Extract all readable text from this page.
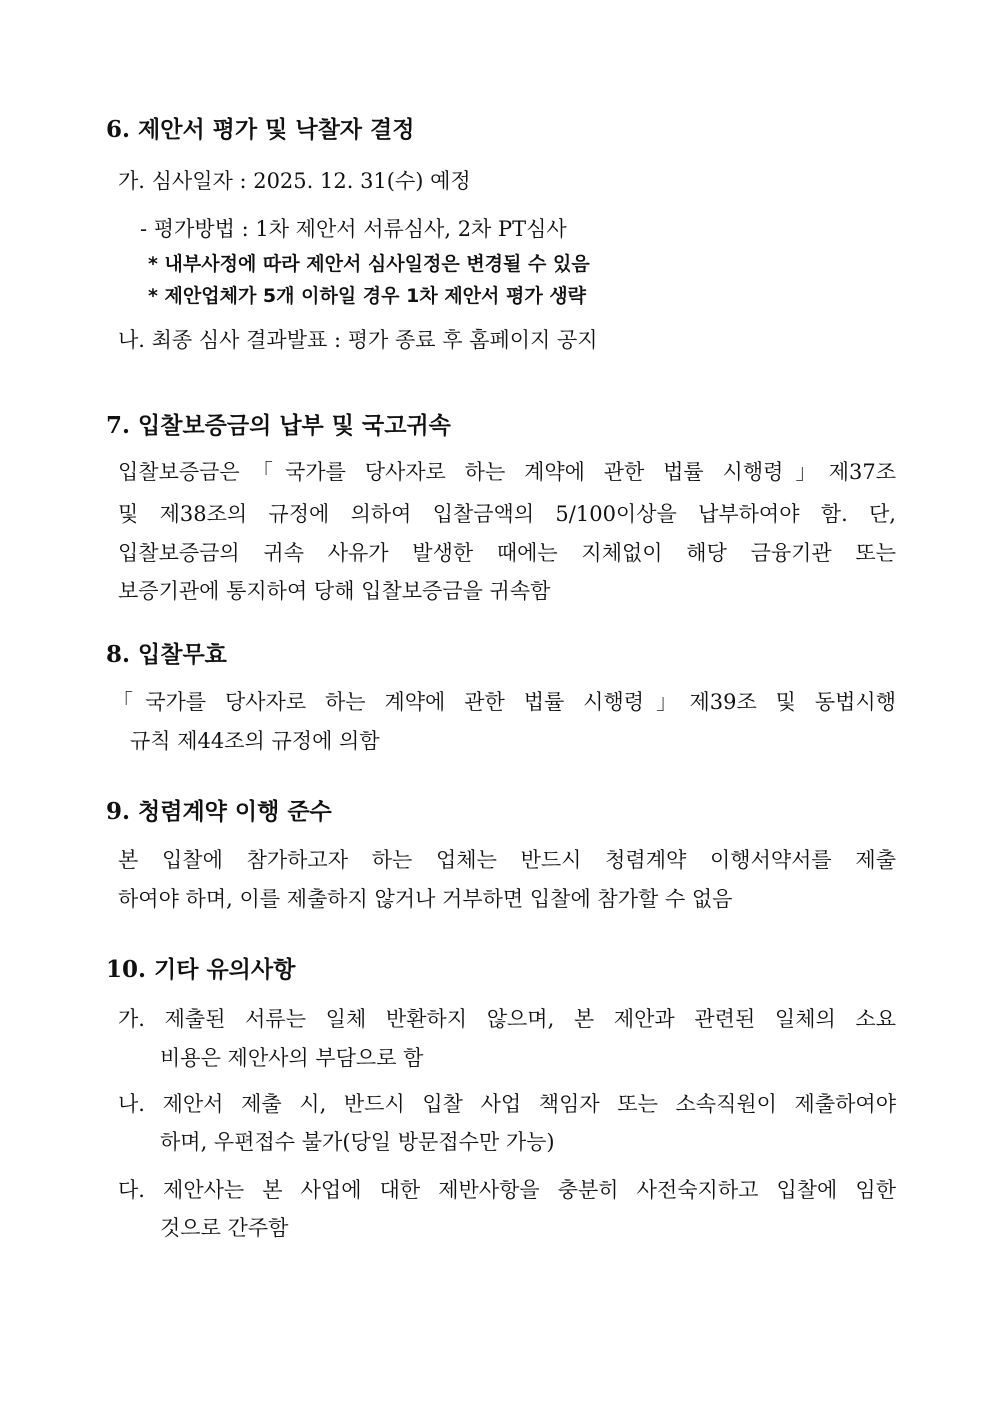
6. 제안서 평가 및 낙찰자 결정
가. 심사일자 : 2025. 12. 31(수) 예정
- 평가방법 : 1차 제안서 서류심사, 2차 PT심사
* 내부사정에 따라 제안서 심사일정은 변경될 수 있음
* 제안업체가 5개 이하일 경우 1차 제안서 평가 생략
나. 최종 심사 결과발표 : 평가 종료 후 홈페이지 공지
7. 입찰보증금의 납부 및 국고귀속
입찰보증금은「국가를 당사자로 하는 계약에 관한 법률 시행령」제37조
및 제38조의 규정에 의하여 입찰금액의 5/100이상을 납부하여야 함. 단,
입찰보증금의 귀속 사유가 발생한 때에는 지체없이 해당 금융기관 또는
보증기관에 통지하여 당해 입찰보증금을 귀속함
8. 입찰무효
「국가를 당사자로 하는 계약에 관한 법률 시행령」제39조 및 동법시행
규칙 제44조의 규정에 의함
9. 청렴계약 이행 준수
본 입찰에 참가하고자 하는 업체는 반드시 청렴계약 이행서약서를 제출
하여야 하며, 이를 제출하지 않거나 거부하면 입찰에 참가할 수 없음
10. 기타 유의사항
가. 제출된 서류는 일체 반환하지 않으며, 본 제안과 관련된 일체의 소요
비용은 제안사의 부담으로 함
나. 제안서 제출 시, 반드시 입찰 사업 책임자 또는 소속직원이 제출하여야
하며, 우편접수 불가(당일 방문접수만 가능)
다. 제안사는 본 사업에 대한 제반사항을 충분히 사전숙지하고 입찰에 임한
것으로 간주함
